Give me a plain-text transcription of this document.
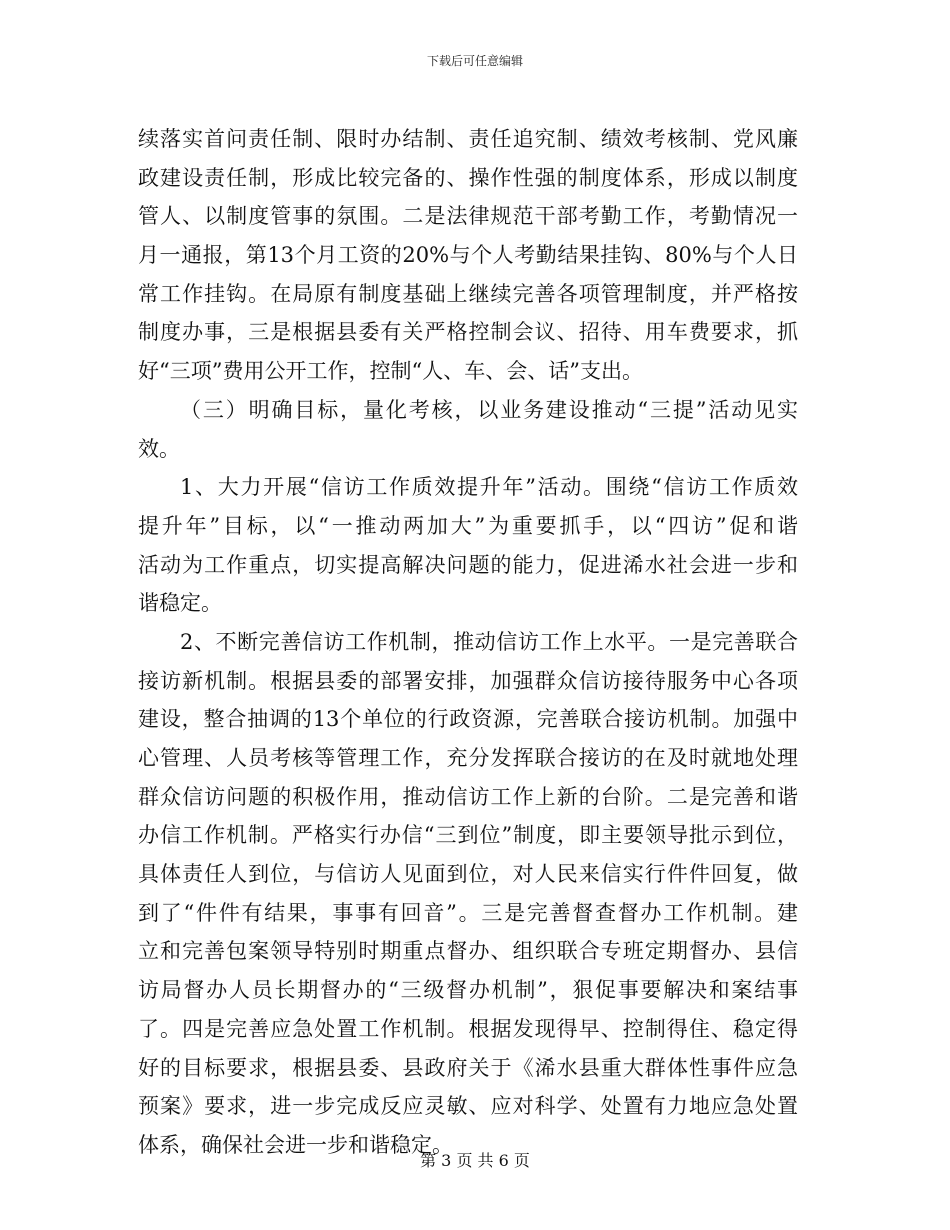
下载后可任意编辑
续落实首问责任制、限时办结制、责任追究制、绩效考核制、党风廉
政建设责任制，形成比较完备的、操作性强的制度体系，形成以制度
管人、以制度管事的氛围。二是法律规范干部考勤工作，考勤情况一
月一通报，第13个月工资的20%与个人考勤结果挂钩、80%与个人日
常工作挂钩。在局原有制度基础上继续完善各项管理制度，并严格按
制度办事，三是根据县委有关严格控制会议、招待、用车费要求，抓
好“三项”费用公开工作，控制“人、车、会、话”支出。
（三）明确目标，量化考核，以业务建设推动“三提”活动见实
效。
1、大力开展“信访工作质效提升年”活动。围绕“信访工作质效
提升年”目标，以“一推动两加大”为重要抓手，以“四访”促和谐
活动为工作重点，切实提高解决问题的能力，促进浠水社会进一步和
谐稳定。
2、不断完善信访工作机制，推动信访工作上水平。一是完善联合
接访新机制。根据县委的部署安排，加强群众信访接待服务中心各项
建设，整合抽调的13个单位的行政资源，完善联合接访机制。加强中
心管理、人员考核等管理工作，充分发挥联合接访的在及时就地处理
群众信访问题的积极作用，推动信访工作上新的台阶。二是完善和谐
办信工作机制。严格实行办信“三到位”制度，即主要领导批示到位，
具体责任人到位，与信访人见面到位，对人民来信实行件件回复，做
到了“件件有结果，事事有回音”。三是完善督查督办工作机制。建
立和完善包案领导特别时期重点督办、组织联合专班定期督办、县信
访局督办人员长期督办的“三级督办机制”，狠促事要解决和案结事
了。四是完善应急处置工作机制。根据发现得早、控制得住、稳定得
好的目标要求，根据县委、县政府关于《浠水县重大群体性事件应急
预案》要求，进一步完成反应灵敏、应对科学、处置有力地应急处置
体系，确保社会进一步和谐稳定。
第 3 页 共 6 页
